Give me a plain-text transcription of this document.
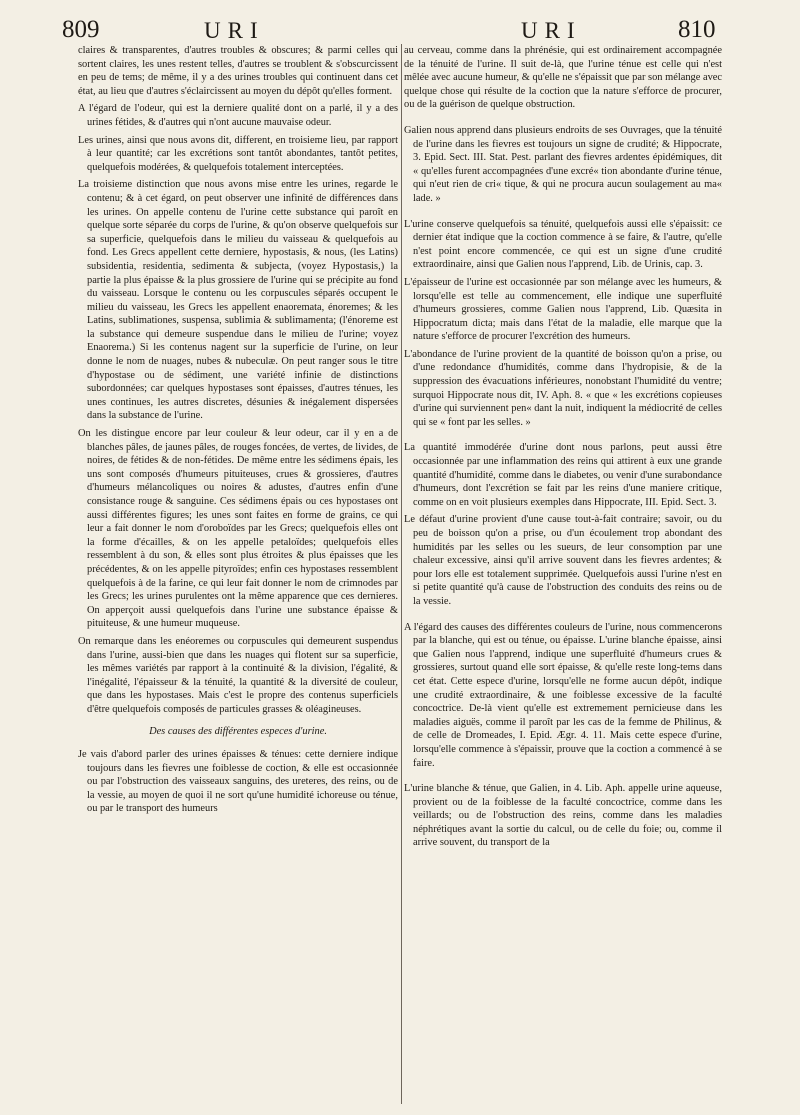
809	URI	URI	810

claires & transparentes, d'autres troubles & obscures; & parmi celles qui sortent claires, les unes restent telles, d'autres se troublent & s'obscurcissent en peu de tems; de même, il y a des urines troubles qui continuent dans cet état, au lieu que d'autres s'éclaircissent au moyen du dépôt qu'elles forment.

A l'égard de l'odeur, qui est la derniere qualité dont on a parlé, il y a des urines fétides, & d'autres qui n'ont aucune mauvaise odeur.

Les urines, ainsi que nous avons dit, different, en troisieme lieu, par rapport à leur quantité; car les excrétions sont tantôt abondantes, tantôt petites, quelquefois modérées, & quelquefois totalement interceptées.

La troisieme distinction que nous avons mise entre les urines, regarde le contenu; & à cet égard, on peut observer une infinité de différences dans les urines. On appelle contenu de l'urine cette substance qui paroît en quelque sorte séparée du corps de l'urine, & qu'on observe quelquefois sur sa superficie, quelquefois dans le milieu du vaisseau & quelquefois au fond. Les Grecs appellent cette derniere, hypostasis, & nous, (les Latins) subsidentia, residentia, sedimenta & subjecta, (voyez Hypostasis,) la partie la plus épaisse & la plus grossiere de l'urine qui se précipite au fond du vaisseau. Lorsque le contenu ou les corpuscules séparés occupent le milieu du vaisseau, les Grecs les appellent enaoremata, énoremes; & les Latins, sublimationes, suspensa, sublimia & sublimamenta; (l'énoreme est la substance qui demeure suspendue dans le milieu de l'urine; voyez Enaorema.) Si les contenus nagent sur la superficie de l'urine, on leur donne le nom de nuages, nubes & nubeculæ. On peut ranger sous le titre d'hypostase ou de sédiment, une variété infinie de distinctions subordonnées; car quelques hypostases sont épaisses, d'autres ténues, les unes continues, les autres discretes, désunies & inégalement dispersées dans la substance de l'urine.

On les distingue encore par leur couleur & leur odeur, car il y en a de blanches pâles, de jaunes pâles, de rouges foncées, de vertes, de livides, de noires, de fétides & de non-fétides. De même entre les sédimens épais, les uns sont composés d'humeurs pituiteuses, crues & grossieres, d'autres d'humeurs mélancoliques ou noires & adustes, d'autres enfin d'une consistance rouge & sanguine. Ces sédimens épais ou ces hypostases ont aussi différentes figures; les unes sont faites en forme de grains, ce qui leur a fait donner le nom d'oroboïdes par les Grecs; quelquefois elles ont la forme d'écailles, & on les appelle petaloïdes; quelquefois elles ressemblent à du son, & elles sont plus étroites & plus épaisses que les précédentes, & on les appelle pityroïdes; enfin ces hypostases ressemblent quelquefois à de la farine, ce qui leur fait donner le nom de crimnodes par les Grecs; les urines purulentes ont la même apparence que ces dernieres. On apperçoit aussi quelquefois dans l'urine une substance épaisse & pituiteuse, & une humeur muqueuse.

On remarque dans les enéoremes ou corpuscules qui demeurent suspendus dans l'urine, aussi-bien que dans les nuages qui flotent sur sa superficie, les mêmes variétés par rapport à la continuité & la division, l'égalité, & l'inégalité, l'épaisseur & la ténuité, la quantité & la diversité de couleur, que dans les hypostases. Mais c'est le propre des contenus superficiels d'être quelquefois composés de particules grasses & oléagineuses.

Des causes des différentes especes d'urine.

Je vais d'abord parler des urines épaisses & ténues: cette derniere indique toujours dans les fievres une foiblesse de coction, & elle est occasionnée ou par l'obstruction des vaisseaux sanguins, des ureteres, des reins, ou de la vessie, au moyen de quoi il ne sort qu'une humidité ichoreuse ou ténue, ou par le transport des humeurs

au cerveau, comme dans la phrénésie, qui est ordinairement accompagnée de la ténuité de l'urine. Il suit de-là, que l'urine ténue est celle qui n'est mêlée avec aucune humeur, & qu'elle ne s'épaissit que par son mélange avec quelque chose qui résulte de la coction que la nature s'efforce de procurer, ou de la guérison de quelque obstruction.

Galien nous apprend dans plusieurs endroits de ses Ouvrages, que la ténuité de l'urine dans les fievres est toujours un signe de crudité; & Hippocrate, 3. Epid. Sect. III. Stat. Pest. parlant des fievres ardentes épidémiques, dit « qu'elles furent accompagnées d'une excré« tion abondante d'urine ténue, qui n'eut rien de cri« tique, & qui ne procura aucun soulagement au ma« lade. »

L'urine conserve quelquefois sa ténuité, quelquefois aussi elle s'épaissit: ce dernier état indique que la coction commence à se faire, & l'autre, qu'elle n'est point encore commencée, ce qui est un signe d'une crudité extraordinaire, ainsi que Galien nous l'apprend, Lib. de Urinis, cap. 3.

L'épaisseur de l'urine est occasionnée par son mélange avec les humeurs, & lorsqu'elle est telle au commencement, elle indique une superfluité d'humeurs grossieres, comme Galien nous l'apprend, Lib. Quæsita in Hippocratum dicta; mais dans l'état de la maladie, elle marque que la nature s'efforce de procurer l'excrétion des humeurs.

L'abondance de l'urine provient de la quantité de boisson qu'on a prise, ou d'une redondance d'humidités, comme dans l'hydropisie, & de la suppression des évacuations inférieures, nonobstant l'humidité du ventre; surquoi Hippocrate nous dit, IV. Aph. 8. « que « les excrétions copieuses d'urine qui surviennent pen« dant la nuit, indiquent la médiocrité de celles qui se « font par les selles. »

La quantité immodérée d'urine dont nous parlons, peut aussi être occasionnée par une inflammation des reins qui attirent à eux une grande quantité d'humidité, comme dans le diabetes, ou venir d'une surabondance d'humeurs, dont l'excrétion se fait par les reins d'une maniere critique, comme on en voit plusieurs exemples dans Hippocrate, III. Epid. Sect. 3.

Le défaut d'urine provient d'une cause tout-à-fait contraire; savoir, ou du peu de boisson qu'on a prise, ou d'un écoulement trop abondant des humidités par les selles ou les sueurs, de leur consomption par une chaleur excessive, ainsi qu'il arrive souvent dans les fievres ardentes; & pour lors elle est totalement supprimée. Quelquefois aussi l'urine n'est en si petite quantité qu'à cause de l'obstruction des conduits des reins ou de la vessie.

A l'égard des causes des différentes couleurs de l'urine, nous commencerons par la blanche, qui est ou ténue, ou épaisse. L'urine blanche épaisse, ainsi que Galien nous l'apprend, indique une superfluité d'humeurs crues & grossieres, surtout quand elle sort épaisse, & qu'elle reste long-tems dans cet état. Cette espece d'urine, lorsqu'elle ne forme aucun dépôt, indique une crudité extraordinaire, & une foiblesse excessive de la faculté concoctrice. De-là vient qu'elle est extremement pernicieuse dans les maladies aiguës, comme il paroît par les cas de la femme de Philinus, & de celle de Dromeades, I. Epid. Ægr. 4. 11. Mais cette espece d'urine, lorsqu'elle commence à s'épaissir, prouve que la coction a commencé à se faire.

L'urine blanche & ténue, que Galien, in 4. Lib. Aph. appelle urine aqueuse, provient ou de la foiblesse de la faculté concoctrice, comme dans les veillards; ou de l'obstruction des reins, comme dans les maladies néphrétiques avant la sortie du calcul, ou de celle du foie; ou, comme il arrive souvent, du transport de la
